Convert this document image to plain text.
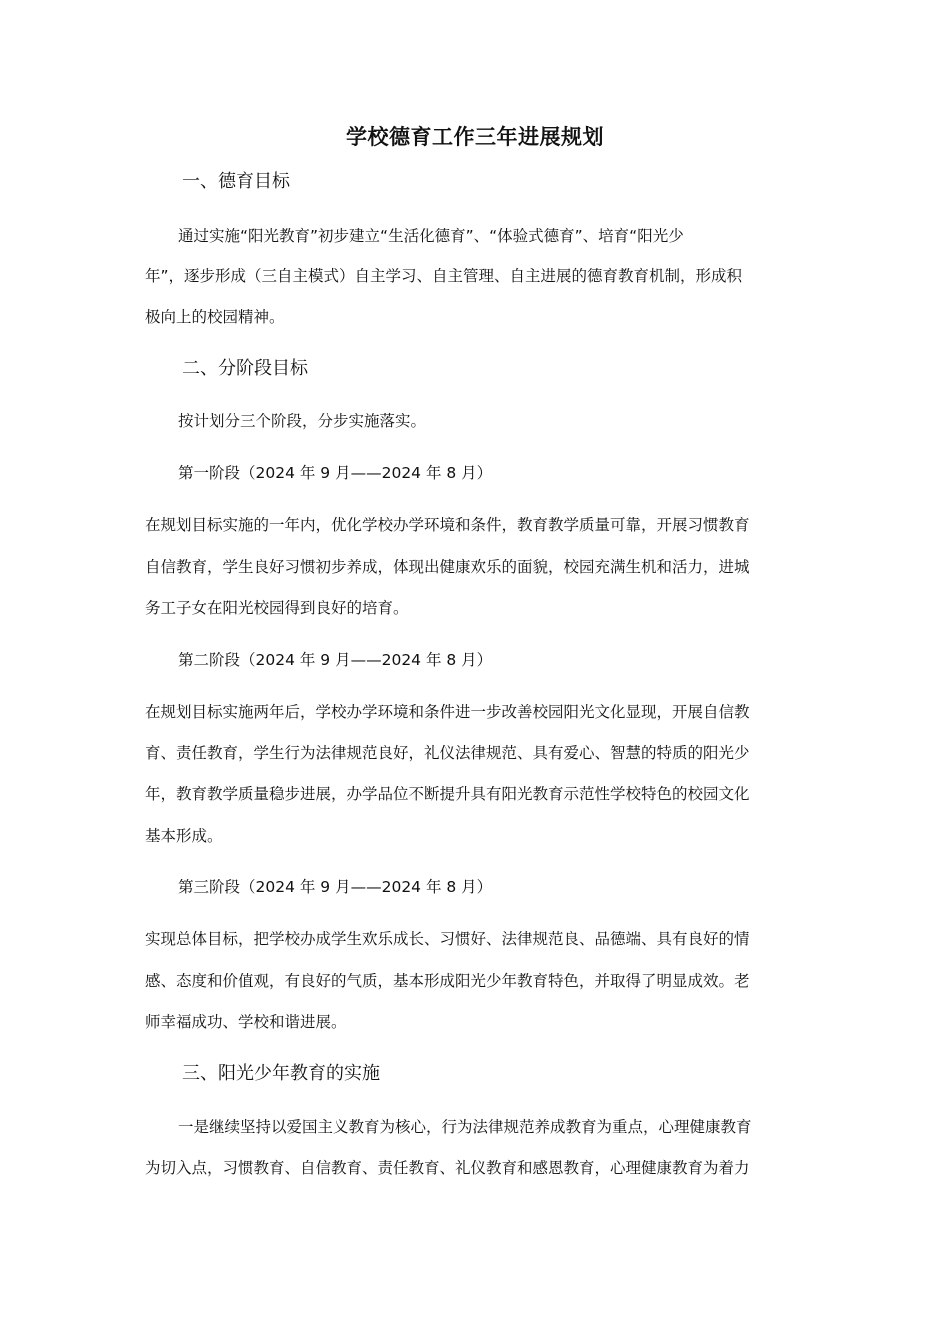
学校德育工作三年进展规划
一、德育目标
通过实施“阳光教育”初步建立“生活化德育”、“体验式德育”、培育“阳光少
年”，逐步形成（三自主模式）自主学习、自主管理、自主进展的德育教育机制，形成积
极向上的校园精神。
二、分阶段目标
按计划分三个阶段，分步实施落实。
第一阶段（2024 年 9 月——2024 年 8 月）
在规划目标实施的一年内，优化学校办学环境和条件，教育教学质量可靠，开展习惯教育
自信教育，学生良好习惯初步养成，体现出健康欢乐的面貌，校园充满生机和活力，进城
务工子女在阳光校园得到良好的培育。
第二阶段（2024 年 9 月——2024 年 8 月）
在规划目标实施两年后，学校办学环境和条件进一步改善校园阳光文化显现，开展自信教
育、责任教育，学生行为法律规范良好，礼仪法律规范、具有爱心、智慧的特质的阳光少
年，教育教学质量稳步进展，办学品位不断提升具有阳光教育示范性学校特色的校园文化
基本形成。
第三阶段（2024 年 9 月——2024 年 8 月）
实现总体目标，把学校办成学生欢乐成长、习惯好、法律规范良、品德端、具有良好的情
感、态度和价值观，有良好的气质，基本形成阳光少年教育特色，并取得了明显成效。老
师幸福成功、学校和谐进展。
三、阳光少年教育的实施
一是继续坚持以爱国主义教育为核心，行为法律规范养成教育为重点，心理健康教育
为切入点，习惯教育、自信教育、责任教育、礼仪教育和感恩教育，心理健康教育为着力
